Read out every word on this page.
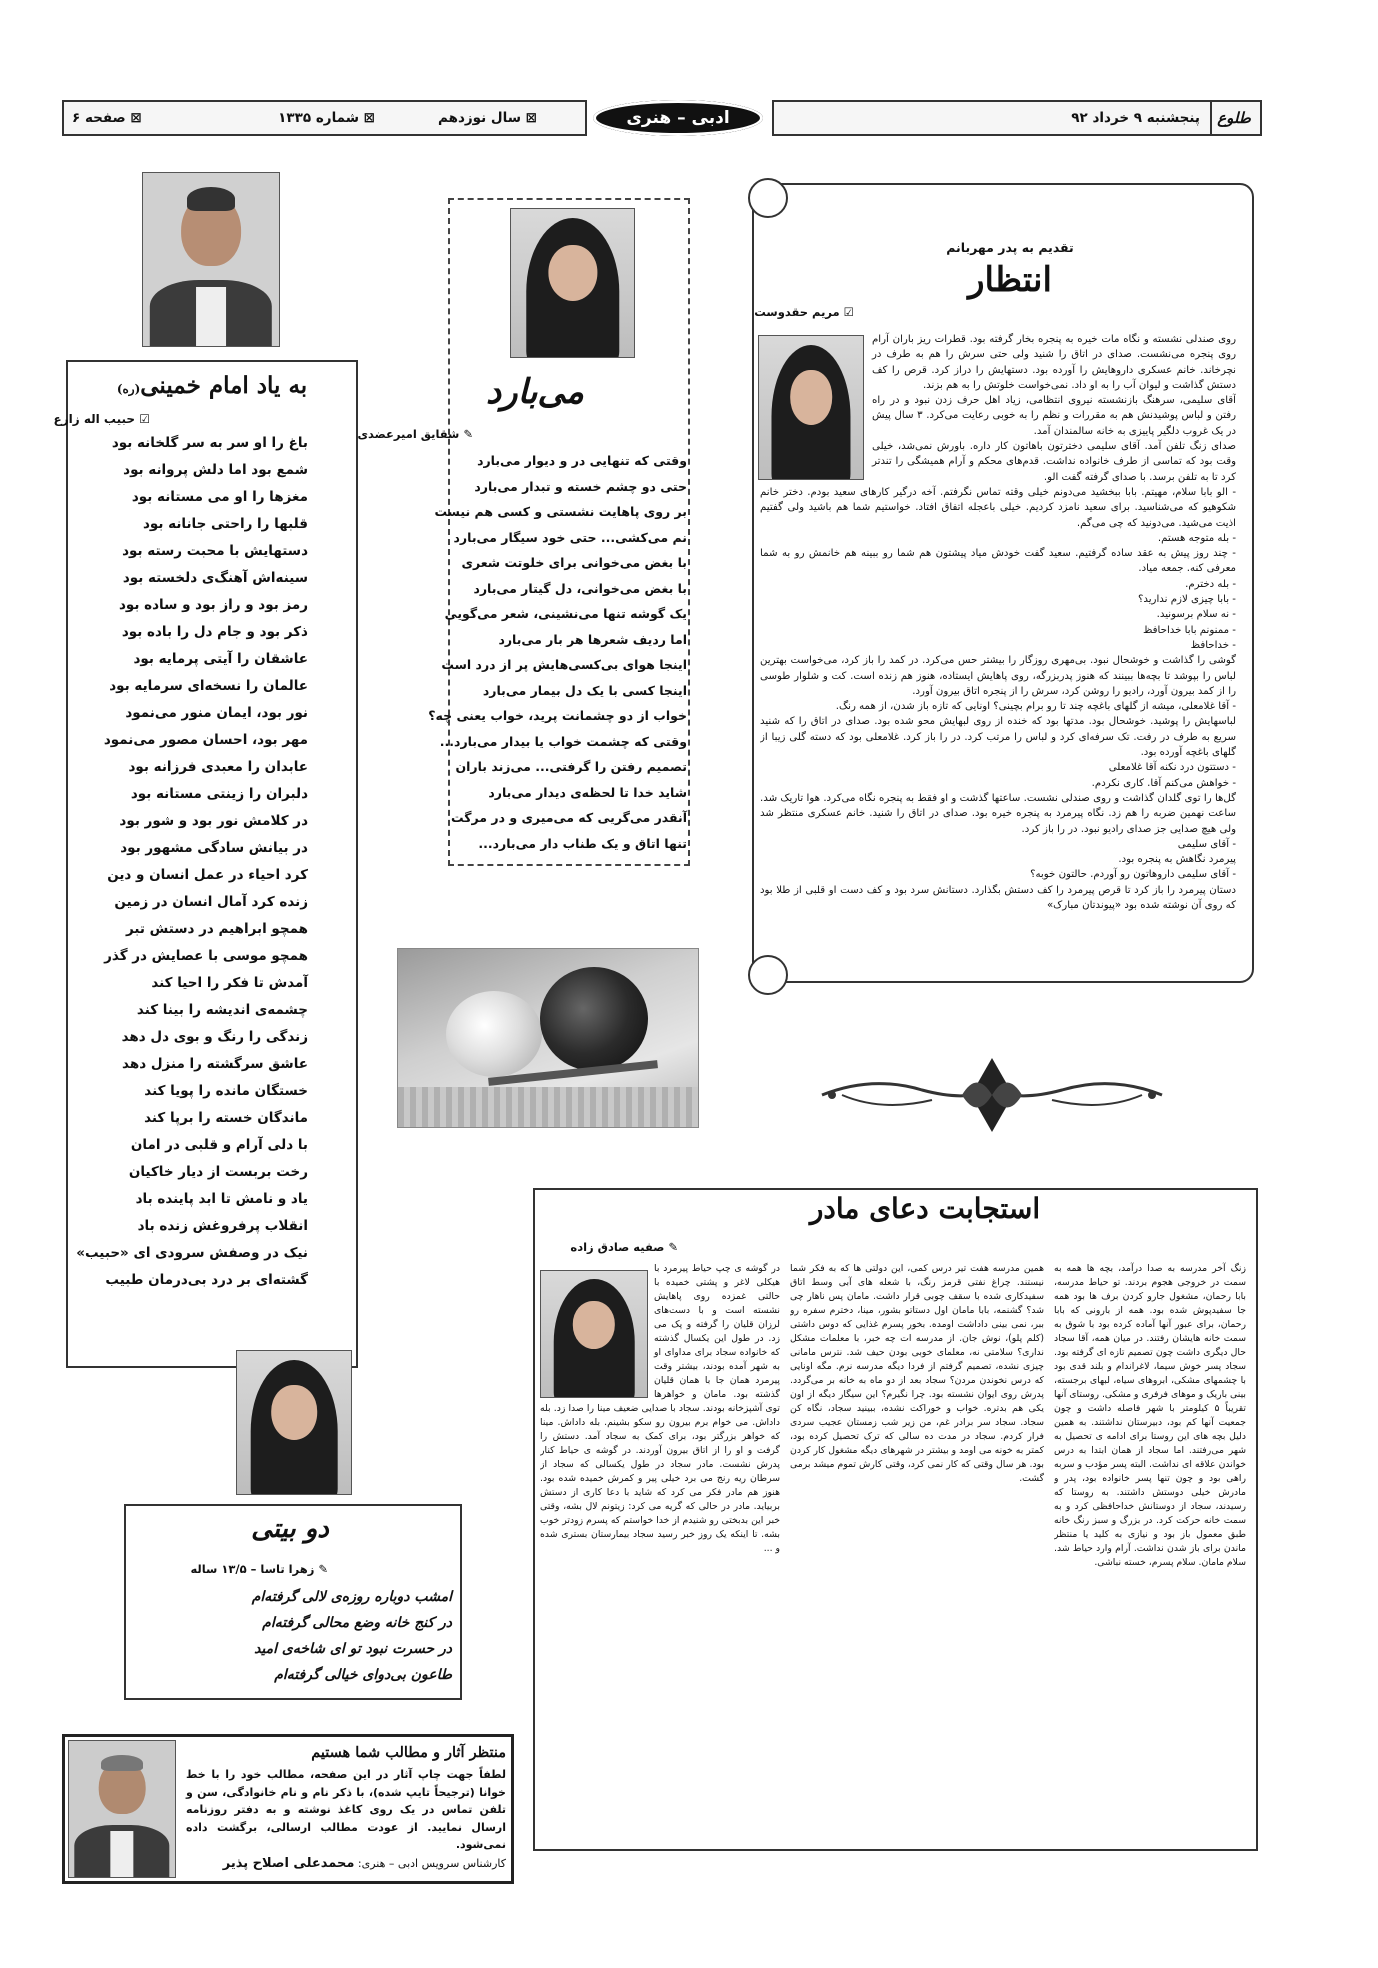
طلوع
پنجشنبه ۹ خرداد ۹۲
ادبی – هنری
⊠ سال نوزدهم
⊠ شماره ۱۳۳۵
⊠ صفحه ۶
تقدیم به پدر مهربانم
انتظار
☑ مریم حقدوست

روی صندلی نشسته و نگاه مات خیره به پنجره بخار گرفته بود. قطرات ریز باران آرام روی پنجره می‌نشست. صدای در اتاق را شنید ولی حتی سرش را هم به طرف در نچرخاند. خانم عسکری داروهایش را آورده بود. دستهایش را دراز کرد. قرص را کف دستش گذاشت و لیوان آب را به او داد. نمی‌خواست خلوتش را به هم بزند.

آقای سلیمی، سرهنگ بازنشسته نیروی انتظامی، زیاد اهل حرف زدن نبود و در راه رفتن و لباس پوشیدنش هم به مقررات و نظم را به خوبی رعایت می‌کرد. ۳ سال پیش در یک غروب دلگیر پاییزی به خانه سالمندان آمد.

صدای زنگ تلفن آمد. آقای سلیمی دخترتون باهاتون کار داره. باورش نمی‌شد، خیلی وقت بود که تماسی از طرف خانواده نداشت. قدم‌های محکم و آرام همیشگی را تندتر کرد تا به تلفن برسد. با صدای گرفته گفت الو.

- الو بابا سلام، مهیتم. بابا ببخشید می‌دونم خیلی وقته تماس نگرفتم. آخه درگیر کارهای سعید بودم. دختر خانم شکوهیو که می‌شناسید. برای سعید نامزد کردیم. خیلی باعجله اتفاق افتاد. خواستیم شما هم باشید ولی گفتیم اذیت می‌شید. می‌دونید که چی می‌گم.

- بله متوجه هستم.

- چند روز پیش به عقد ساده گرفتیم. سعید گفت خودش میاد پیشتون هم شما رو ببینه هم خانمش رو به شما معرفی کنه. جمعه میاد.

- بله دخترم.

- بابا چیزی لازم ندارید؟

- نه سلام برسونید.

- ممنونم بابا خداحافظ

- خداحافظ

گوشی را گذاشت و خوشحال نبود. بی‌مهری روزگار را بیشتر حس می‌کرد. در کمد را باز کرد، می‌خواست بهترین لباس را بپوشد تا بچه‌ها ببینند که هنوز پدربزرگه، روی پاهایش ایستاده، هنوز هم زنده است. کت و شلوار طوسی را از کمد بیرون آورد، رادیو را روشن کرد، سرش را از پنجره اتاق بیرون آورد.

- آقا غلامعلی، میشه از گلهای باغچه چند تا رو برام بچینی؟ اونایی که تازه باز شدن، از همه رنگ.

لباسهایش را پوشید. خوشحال بود. مدتها بود که خنده از روی لبهایش محو شده بود. صدای در اتاق را که شنید سریع به طرف در رفت. تک سرفه‌ای کرد و لباس را مرتب کرد. در را باز کرد. غلامعلی بود که دسته گلی زیبا از گلهای باغچه آورده بود.

- دستتون درد نکنه آقا غلامعلی

- خواهش می‌کنم آقا. کاری نکردم.

گل‌ها را توی گلدان گذاشت و روی صندلی نشست. ساعتها گذشت و او فقط به پنجره نگاه می‌کرد. هوا تاریک شد. ساعت نهمین ضربه را هم زد. نگاه پیرمرد به پنجره خیره بود. صدای در اتاق را شنید. خانم عسکری منتظر شد ولی هیچ صدایی جز صدای رادیو نبود. در را باز کرد.

- آقای سلیمی

پیرمرد نگاهش به پنجره بود.

- آقای سلیمی داروهاتون رو آوردم. حالتون خوبه؟

دستان پیرمرد را باز کرد تا قرص پیرمرد را کف دستش بگذارد. دستانش سرد بود و کف دست او قلبی از طلا بود که روی آن نوشته شده بود «پیوندتان مبارک»

می‌بارد
✎ شقایق امیرعضدی
وقتی که تنهایی در و دیوار می‌بارد
حتی دو چشم خسته و تبدار می‌بارد
بر روی پاهایت نشستی و کسی هم نیست
نم می‌کشی... حتی خود سیگار می‌بارد
با بغض می‌خوانی برای خلوتت شعری
با بغض می‌خوانی، دل گیتار می‌بارد
یک گوشه تنها می‌نشینی، شعر می‌گویی
اما ردیف شعرها هر بار می‌بارد
اینجا هوای بی‌کسی‌هایش پر از درد است
اینجا کسی با یک دل بیمار می‌بارد
خواب از دو چشمانت پرید، خواب یعنی چه؟
وقتی که چشمت خواب یا بیدار می‌بارد...
تصمیم رفتن را گرفتی... می‌زند باران
شاید خدا تا لحظه‌ی دیدار می‌بارد
آنقدر می‌گریی که می‌میری و در مرگت
تنها اتاق و یک طناب دار می‌بارد...
به یاد امام خمینی(ره)
☑ حبیب اله زارع
باغ را او سر به سر گلخانه بود
شمع بود اما دلش پروانه بود
مغزها را او می مستانه بود
قلبها را راحتی جانانه بود
دستهایش با محبت رسته بود
سینه‌اش آهنگ‌ی دلخسته بود
رمز بود و راز بود و ساده بود
ذکر بود و جام دل را باده بود
عاشقان را آیتی پرمایه بود
عالمان را نسخه‌ای سرمایه بود
نور بود، ایمان منور می‌نمود
مهر بود، احسان مصور می‌نمود
عابدان را معبدی فرزانه بود
دلبران را زینتی مستانه بود
در کلامش نور بود و شور بود
در بیانش سادگی مشهور بود
کرد احیاء در عمل انسان و دین
زنده کرد آمال انسان در زمین
همچو ابراهیم در دستش تبر
همچو موسی با عصایش در گذر
آمدش تا فکر را احیا کند
چشمه‌ی اندیشه را بینا کند
زندگی را رنگ و بوی دل دهد
عاشق سرگشته را منزل دهد
خستگان مانده را پویا کند
ماندگان خسته را برپا کند
با دلی آرام و قلبی در امان
رخت بربست از دیار خاکیان
یاد و نامش تا ابد پاینده باد
انقلاب پرفروغش زنده باد
نیک در وصفش سرودی ای «حبیب»
گشته‌ای بر درد بی‌درمان طبیب
استجابت دعای مادر
✎ صفیه صادق زاده
زنگ آخر مدرسه به صدا درآمد، بچه ها همه به سمت در خروجی هجوم بردند. تو حیاط مدرسه، بابا رحمان، مشغول جارو کردن برف ها بود همه جا سفیدپوش شده بود. همه از بارونی که بابا رحمان، برای عبور آنها آماده کرده بود با شوق به سمت خانه هایشان رفتند. در میان همه، آقا سجاد حال دیگری داشت چون تصمیم تازه ای گرفته بود. سجاد پسر خوش سیما، لاغراندام و بلند قدی بود با چشمهای مشکی، ابروهای سیاه، لبهای برجسته، بینی باریک و موهای فرفری و مشکی. روستای آنها تقریباً ۵ کیلومتر با شهر فاصله داشت و چون جمعیت آنها کم بود، دبیرستان نداشتند. به همین دلیل بچه های این روستا برای ادامه ی تحصیل به شهر می‌رفتند. اما سجاد از همان ابتدا به درس خواندن علاقه ای نداشت. البته پسر مؤدب و سربه راهی بود و چون تنها پسر خانواده بود، پدر و مادرش خیلی دوستش داشتند. به روستا که رسیدند، سجاد از دوستانش خداحافظی کرد و به سمت خانه حرکت کرد. در بزرگ و سبز رنگ خانه طبق معمول باز بود و نیازی به کلید یا منتظر ماندن برای باز شدن نداشت. آرام وارد حیاط شد. سلام مامان. سلام پسرم، خسته نباشی.
همین مدرسه هفت تیر درس کمی، این دولتی ها که به فکر شما نیستند. چراغ نفتی قرمز رنگ، با شعله های آبی وسط اتاق سفیدکاری شده با سقف چوبی قرار داشت. مامان پس ناهار چی شد؟ گشنمه، بابا مامان اول دستاتو بشور، مینا، دخترم سفره رو ببر، نمی بینی داداشت اومده. بخور پسرم غذایی که دوس داشتی (کلم پلو)، نوش جان. از مدرسه ات چه خبر، با معلمات مشکل نداری؟ سلامتی نه، معلمای خوبی بودن حیف شد. نترس مامانی چیزی نشده، تصمیم گرفتم از فردا دیگه مدرسه نرم. مگه اونایی که درس نخوندن مردن؟ سجاد بعد از دو ماه به خانه بر می‌گردد. پدرش روی ایوان نشسته بود. چرا نگیرم؟ این سیگار دیگه از اون یکی هم بدتره. خواب و خوراکت نشده، ببینید سجاد، نگاه کن سجاد. سجاد سر برادر غم، من زیر شب زمستان عجیب سردی فرار کردم. سجاد در مدت ده سالی که ترک تحصیل کرده بود، کمتر به خونه می اومد و بیشتر در شهرهای دیگه مشغول کار کردن بود. هر سال وقتی که کار نمی کرد، وقتی کارش تموم میشد برمی گشت.
در گوشه ی چپ حیاط پیرمرد با هیکلی لاغر و پشتی خمیده با حالتی غمزده روی پاهایش نشسته است و با دست‌های لرزان قلیان را گرفته و پک می زد. در طول این یکسال گذشته که خانواده سجاد برای مداوای او به شهر آمده بودند، بیشتر وقت پیرمرد همان جا با همان قلیان گذشته بود. مامان و خواهرها توی آشپزخانه بودند. سجاد با صدایی ضعیف مینا را صدا زد. بله داداش. می خوام برم بیرون رو سکو بشینم. بله داداش. مینا که خواهر بزرگتر بود، برای کمک به سجاد آمد. دستش را گرفت و او را از اتاق بیرون آوردند. در گوشه ی حیاط کنار پدرش نشست. مادر سجاد در طول یکسالی که سجاد از سرطان ریه رنج می برد خیلی پیر و کمرش خمیده شده بود. هنوز هم مادر فکر می کرد که شاید با دعا کاری از دستش بربیاید. مادر در حالی که گریه می کرد: زیتونم لال بشه، وقتی خبر این بدبختی رو شنیدم از خدا خواستم که پسرم زودتر خوب بشه. تا اینکه یک روز خبر رسید سجاد بیمارستان بستری شده و ...
دو بیتی
✎ زهرا تاسا – ۱۳/۵ ساله
امشب دوباره روزه‌ی لالی گرفته‌ام
در کنج خانه وضع محالی گرفته‌ام
در حسرت نبود تو ای شاخه‌ی امید
طاعون بی‌دوای خیالی گرفته‌ام
منتظر آثار و مطالب شما هستیم
لطفاً جهت چاپ آثار در این صفحه، مطالب خود را با خط خوانا (ترجیحاً تایپ شده)، با ذکر نام و نام خانوادگی، سن و تلفن تماس در یک روی کاغذ نوشته و به دفتر روزنامه ارسال نمایید. از عودت مطالب ارسالی، برگشت داده نمی‌شود.
کارشناس سرویس ادبی – هنری: محمدعلی اصلاح پذیر
